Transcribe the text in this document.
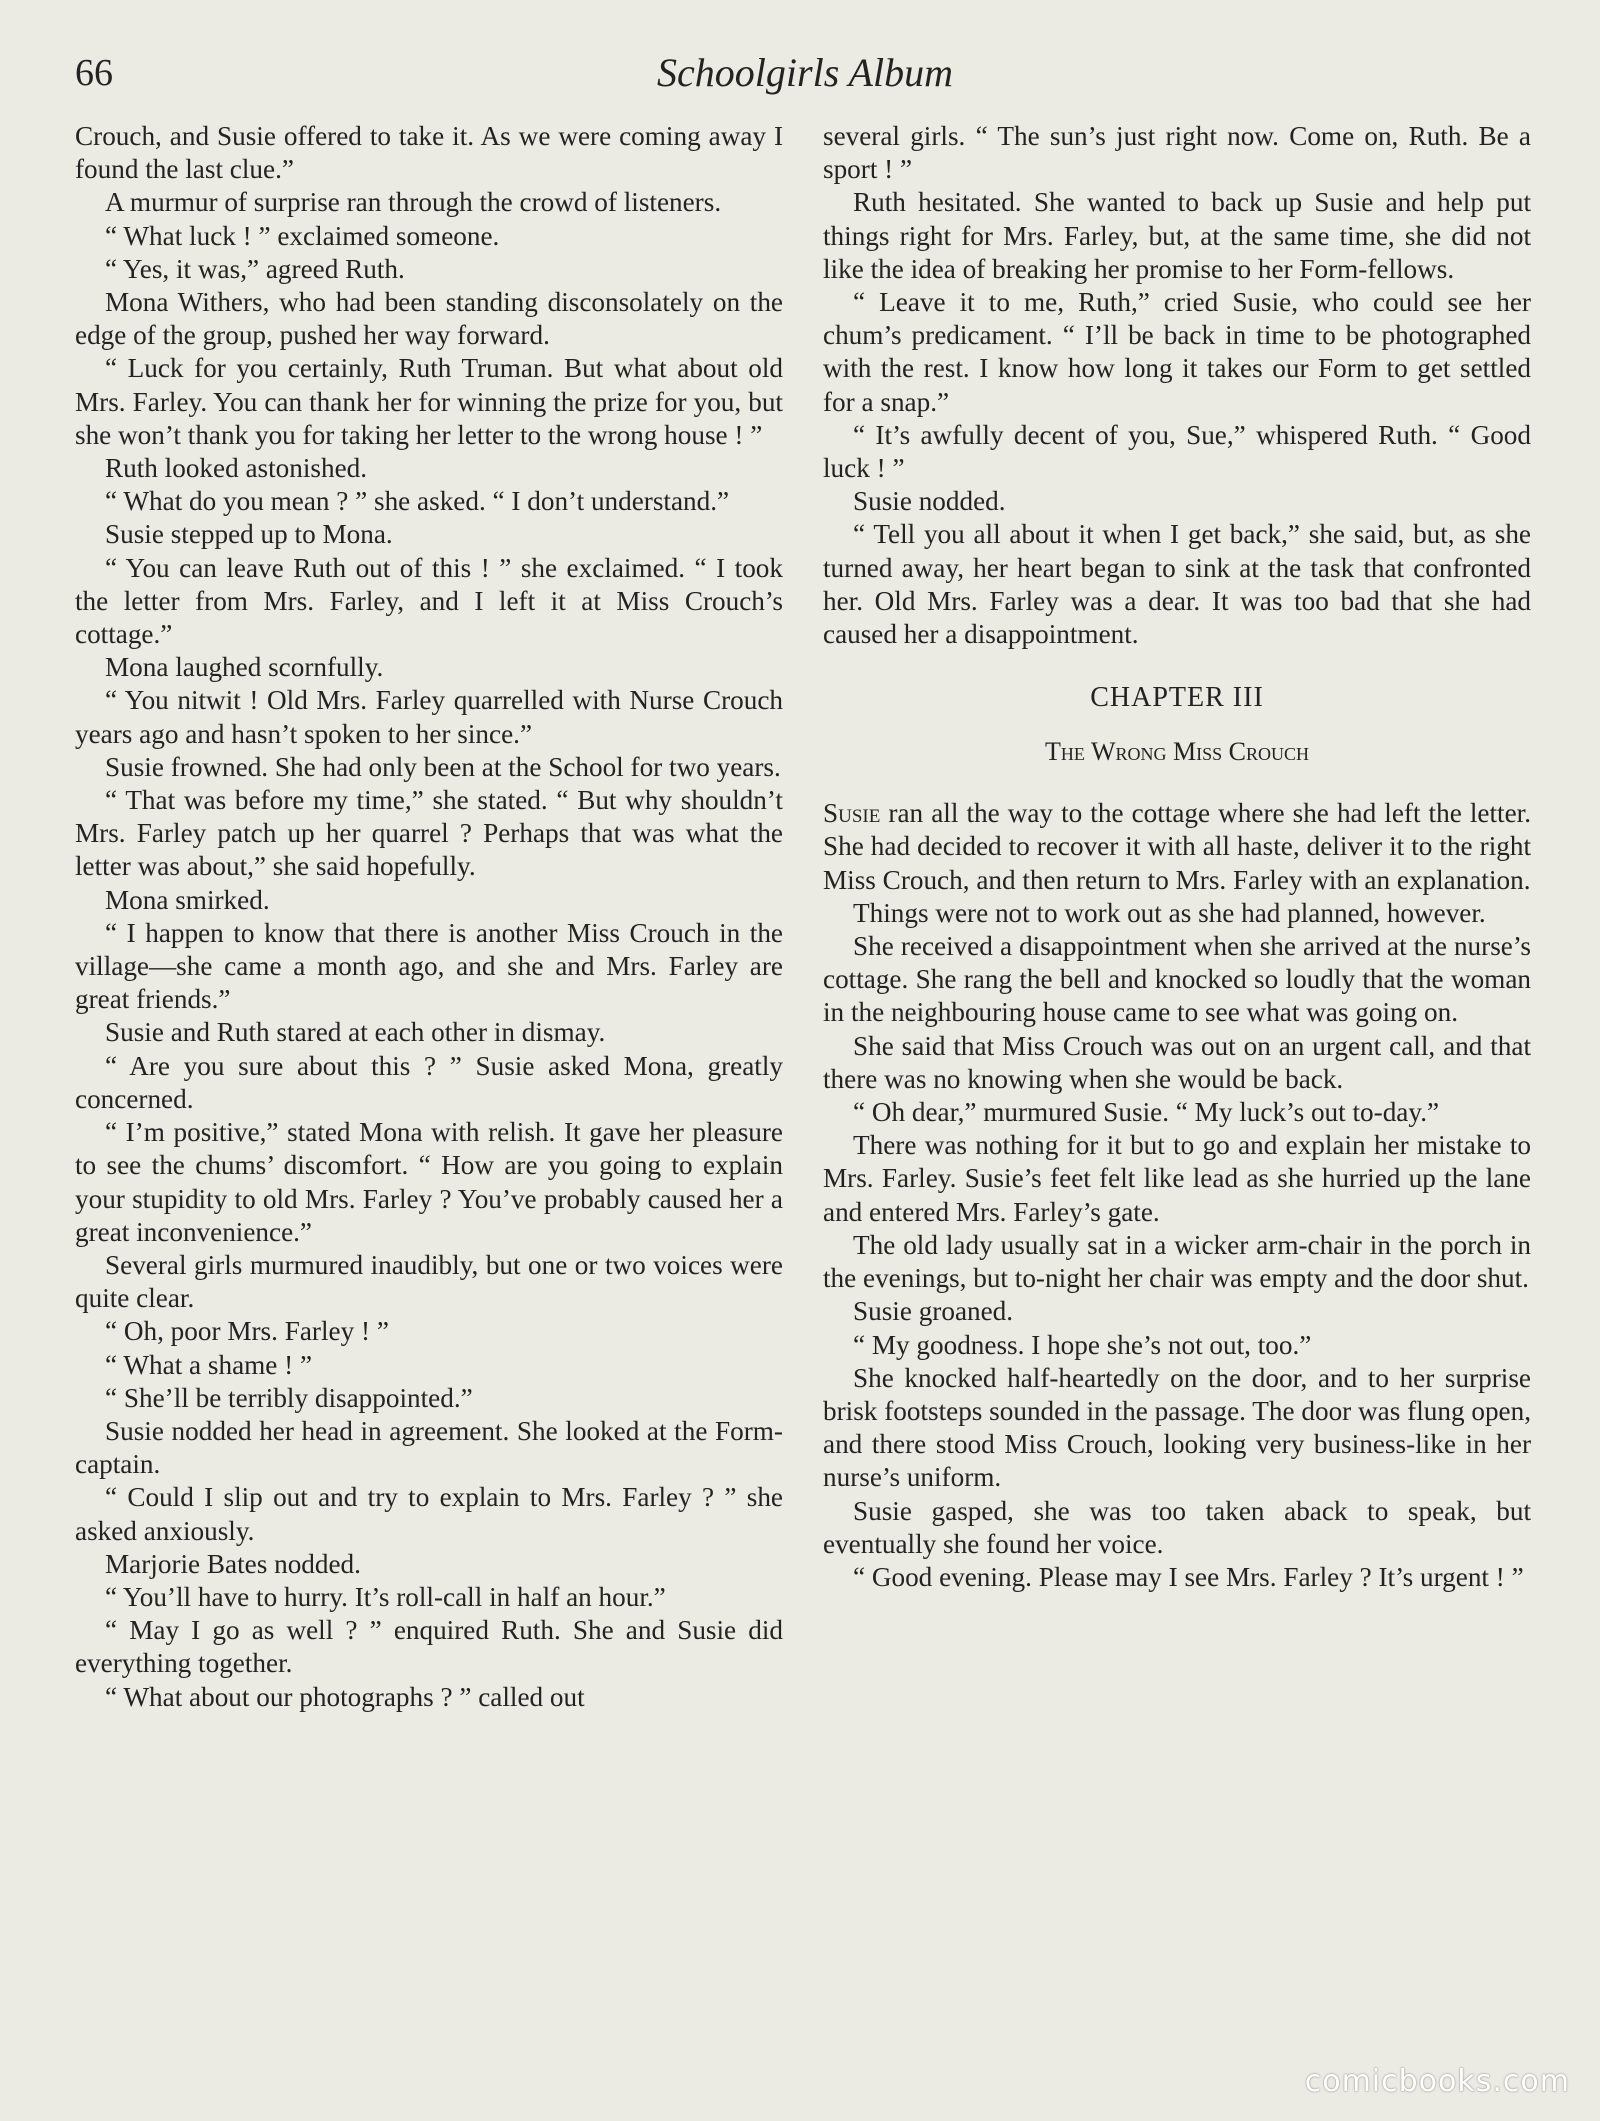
66	Schoolgirls Album

Crouch, and Susie offered to take it. As we were coming away I found the last clue.”

A murmur of surprise ran through the crowd of listeners.

“ What luck ! ” exclaimed someone.

“ Yes, it was,” agreed Ruth.

Mona Withers, who had been standing disconsolately on the edge of the group, pushed her way forward.

“ Luck for you certainly, Ruth Truman. But what about old Mrs. Farley. You can thank her for winning the prize for you, but she won’t thank you for taking her letter to the wrong house ! ”

Ruth looked astonished.

“ What do you mean ? ” she asked. “ I don’t understand.”

Susie stepped up to Mona.

“ You can leave Ruth out of this ! ” she exclaimed. “ I took the letter from Mrs. Farley, and I left it at Miss Crouch’s cottage.”

Mona laughed scornfully.

“ You nitwit ! Old Mrs. Farley quarrelled with Nurse Crouch years ago and hasn’t spoken to her since.”

Susie frowned. She had only been at the School for two years.

“ That was before my time,” she stated. “ But why shouldn’t Mrs. Farley patch up her quarrel ? Perhaps that was what the letter was about,” she said hopefully.

Mona smirked.

“ I happen to know that there is another Miss Crouch in the village—she came a month ago, and she and Mrs. Farley are great friends.”

Susie and Ruth stared at each other in dismay.

“ Are you sure about this ? ” Susie asked Mona, greatly concerned.

“ I’m positive,” stated Mona with relish. It gave her pleasure to see the chums’ discomfort. “ How are you going to explain your stupidity to old Mrs. Farley ? You’ve probably caused her a great inconvenience.”

Several girls murmured inaudibly, but one or two voices were quite clear.

“ Oh, poor Mrs. Farley ! ”

“ What a shame ! ”

“ She’ll be terribly disappointed.”

Susie nodded her head in agreement. She looked at the Form-captain.

“ Could I slip out and try to explain to Mrs. Farley ? ” she asked anxiously.

Marjorie Bates nodded.

“ You’ll have to hurry. It’s roll-call in half an hour.”

“ May I go as well ? ” enquired Ruth. She and Susie did everything together.

“ What about our photographs ? ” called out

several girls. “ The sun’s just right now. Come on, Ruth. Be a sport ! ”

Ruth hesitated. She wanted to back up Susie and help put things right for Mrs. Farley, but, at the same time, she did not like the idea of breaking her promise to her Form-fellows.

“ Leave it to me, Ruth,” cried Susie, who could see her chum’s predicament. “ I’ll be back in time to be photographed with the rest. I know how long it takes our Form to get settled for a snap.”

“ It’s awfully decent of you, Sue,” whispered Ruth. “ Good luck ! ”

Susie nodded.

“ Tell you all about it when I get back,” she said, but, as she turned away, her heart began to sink at the task that confronted her. Old Mrs. Farley was a dear. It was too bad that she had caused her a disappointment.

CHAPTER III
The Wrong Miss Crouch

Susie ran all the way to the cottage where she had left the letter. She had decided to recover it with all haste, deliver it to the right Miss Crouch, and then return to Mrs. Farley with an explanation.

Things were not to work out as she had planned, however.

She received a disappointment when she arrived at the nurse’s cottage. She rang the bell and knocked so loudly that the woman in the neighbouring house came to see what was going on.

She said that Miss Crouch was out on an urgent call, and that there was no knowing when she would be back.

“ Oh dear,” murmured Susie. “ My luck’s out to-day.”

There was nothing for it but to go and explain her mistake to Mrs. Farley. Susie’s feet felt like lead as she hurried up the lane and entered Mrs. Farley’s gate.

The old lady usually sat in a wicker arm-chair in the porch in the evenings, but to-night her chair was empty and the door shut.

Susie groaned.

“ My goodness. I hope she’s not out, too.”

She knocked half-heartedly on the door, and to her surprise brisk footsteps sounded in the passage. The door was flung open, and there stood Miss Crouch, looking very business-like in her nurse’s uniform.

Susie gasped, she was too taken aback to speak, but eventually she found her voice.

“ Good evening. Please may I see Mrs. Farley ? It’s urgent ! ”

comicbooks.com
